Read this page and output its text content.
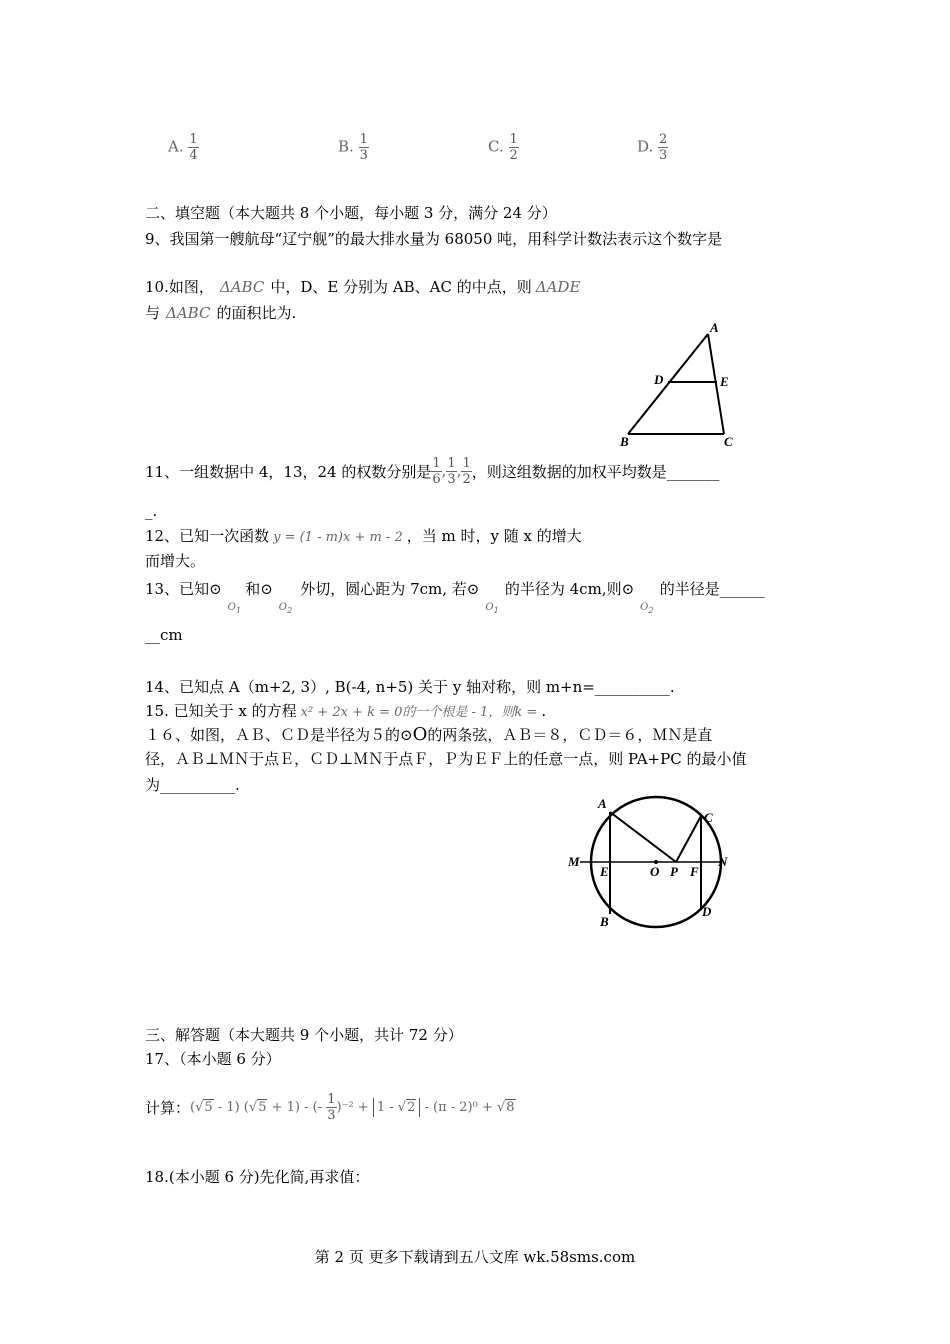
A. $\frac{1}{4}$	B. $\frac{1}{3}$	C. $\frac{1}{2}$	D. $\frac{2}{3}$
二、填空题（本大题共 8 个小题，每小题 3 分，满分 24 分）
9、我国第一艘航母“辽宁舰”的最大排水量为 68050 吨，用科学计数法表示这个数字是
10.如图， ΔABC 中，D、E 分别为 AB、AC 的中点，则 ΔADE
与 ΔABC 的面积比为.
A
B	C
D	E
11、一组数据中 4，13，24 的权数分别是 $\frac{1}{6}$ , $\frac{1}{3}$ , $\frac{1}{2}$ ，则这组数据的加权平均数是_______
_.
12、已知一次函数 y = (1 - m)x + m - 2 ，当 m 时，y 随 x 的增大
而增大。
13、已知$⊙_{O_1}$和$⊙_{O_2}$外切，圆心距为 7cm, 若$⊙_{O_1}$的半径为 4cm,则$⊙_{O_2}$的半径是______
__cm
14、已知点 A（m+2, 3）, B(-4, n+5) 关于 y 轴对称，则 m+n=__________.
15. 已知关于 x 的方程 x² + 2x + k = 0的一个根是 - 1，则k = .
１６、如图，ＡＢ、ＣＤ是半径为５的⊙O的两条弦，ＡＢ＝８，ＣＤ＝６，ＭＮ是直
径，ＡＢ⊥ＭＮ于点Ｅ，ＣＤ⊥ＭＮ于点Ｆ，Ｐ为ＥＦ上的任意一点，则 PA+PC 的最小值
为__________.
A
B
C
D
M	N
E	O P F
三、解答题（本大题共 9 个小题，共计 72 分）
17、（本小题 6 分）
计算：(√5 - 1) (√5 + 1) - (- $\frac{1}{3} )^{-2} + 1 - √2 - (\pi - 2)^0 + √8$
18.(本小题 6 分)先化简,再求值：
第 2 页 更多下载请到五八文库 wk.58sms.com
